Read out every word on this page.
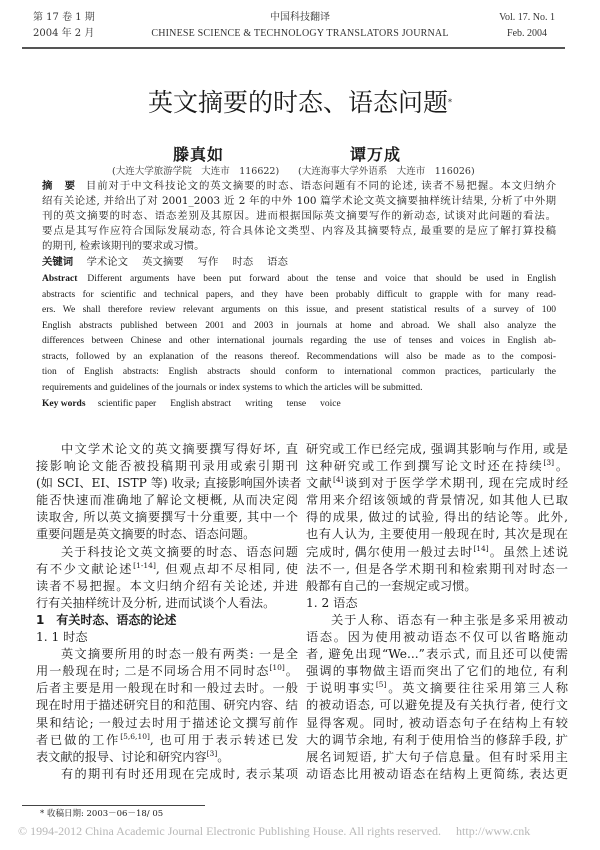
第 17 卷 1 期
2004 年 2 月
中国科技翻译
CHINESE SCIENCE & TECHNOLOGY TRANSLATORS JOURNAL
Vol. 17. No. 1
Feb. 2004
英文摘要的时态、语态问题*
滕真如	谭万成
(大连大学旅游学院　大连市　116622) (大连海事大学外语系　大连市　116026)
摘　要 目前对于中文科技论文的英文摘要的时态、语态问题有不同的论述, 读者不易把握。本文归纳介
绍有关论述, 并给出了对 2001_2003 近 2 年的中外 100 篇学术论文英文摘要抽样统计结果, 分析了中外期
刊的英文摘要的时态、语态差别及其原因。进而根据国际英文摘要写作的新动态, 试谈对此问题的看法。
要点是其写作应符合国际发展动态, 符合具体论文类型、内容及其摘要特点, 最重要的是应了解打算投稿
的期刊, 检索该期刊的要求或习惯。
关键词 学术论文 英文摘要 写作 时态 语态
Abstract Different arguments have been put forward about the tense and voice that should be used in English
abstracts for scientific and technical papers, and they have been probably difficult to grapple with for many read-
ers. We shall therefore review relevant arguments on this issue, and present statistical results of a survey of 100
English abstracts published between 2001 and 2003 in journals at home and abroad. We shall also analyze the
differences between Chinese and other international journals regarding the use of tenses and voices in English ab-
stracts, followed by an explanation of the reasons thereof. Recommendations will also be made as to the composi-
tion of English abstracts: English abstracts should conform to international common practices, particularly the
requirements and guidelines of the journals or index systems to which the articles will be submitted.
Key words scientific paper English abstract writing tense voice
中文学术论文的英文摘要撰写得好坏, 直
接影响论文能否被投稿期刊录用或索引期刊
(如 SCI、EI、ISTP 等) 收录; 直接影响国外读者
能否快速而准确地了解论文梗概, 从而决定阅
读取舍, 所以英文摘要撰写十分重要, 其中一个
重要问题是英文摘要的时态、语态问题。
关于科技论文英文摘要的时态、语态问题
有不少文献论述[1-14], 但观点却不尽相同, 使
读者不易把握。本文归纳介绍有关论述, 并进
行有关抽样统计及分析, 进而试谈个人看法。
1　有关时态、语态的论述
1. 1 时态
英文摘要所用的时态一般有两类: 一是全
用一般现在时; 二是不同场合用不同时态[10]。
后者主要是用一般现在时和一般过去时。一般
现在时用于描述研究目的和范围、研究内容、结
果和结论; 一般过去时用于描述论文撰写前作
者已做的工作[5,6,10], 也可用于表示转述已发
表文献的报导、讨论和研究内容[3]。
有的期刊有时还用现在完成时, 表示某项
研究或工作已经完成, 强调其影响与作用, 或是
这种研究或工作到撰写论文时还在持续[3]。
文献[4]谈到对于医学学术期刊, 现在完成时经
常用来介绍该领域的背景情况, 如其他人已取
得的成果, 做过的试验, 得出的结论等。此外,
也有人认为, 主要使用一般现在时, 其次是现在
完成时, 偶尔使用一般过去时[14]。虽然上述说
法不一, 但是各学术期刊和检索期刊对时态一
般都有自己的一套规定或习惯。
1. 2 语态
关于人称、语态有一种主张是多采用被动
语态。因为使用被动语态不仅可以省略施动
者, 避免出现“We...”表示式, 而且还可以使需
强调的事物做主语而突出了它们的地位, 有利
于说明事实[5]。英文摘要往往采用第三人称
的被动语态, 可以避免提及有关执行者, 使行文
显得客观。同时, 被动语态句子在结构上有较
大的调节余地, 有利于使用恰当的修辞手段, 扩
展名词短语, 扩大句子信息量。但有时采用主
动语态比用被动语态在结构上更简练, 表达更
* 收稿日期: 2003－06－18/ 05
© 1994-2012 China Academic Journal Electronic Publishing House. All rights reserved.　 http://www.cnk
